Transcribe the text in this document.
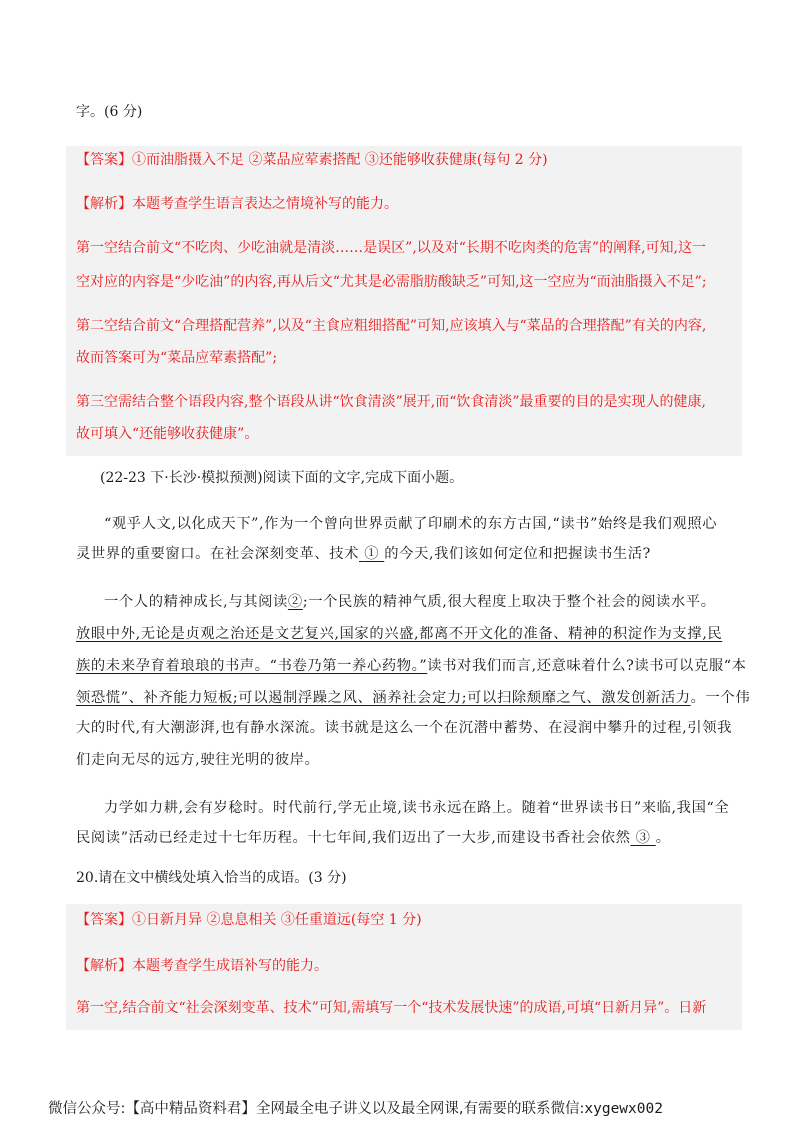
字。(6 分)
【答案】①而油脂摄入不足 ②菜品应荤素搭配 ③还能够收获健康(每句 2 分)
【解析】本题考查学生语言表达之情境补写的能力。
第一空结合前文“不吃肉、少吃油就是清淡……是误区”,以及对“长期不吃肉类的危害”的阐释,可知,这一
空对应的内容是“少吃油”的内容,再从后文“尤其是必需脂肪酸缺乏”可知,这一空应为“而油脂摄入不足”;
第二空结合前文“合理搭配营养”,以及“主食应粗细搭配”可知,应该填入与“菜品的合理搭配”有关的内容,
故而答案可为“菜品应荤素搭配”;
第三空需结合整个语段内容,整个语段从讲“饮食清淡”展开,而“饮食清淡”最重要的目的是实现人的健康,
故可填入“还能够收获健康”。
(22-23 下·长沙·模拟预测)阅读下面的文字,完成下面小题。
“观乎人文,以化成天下”,作为一个曾向世界贡献了印刷术的东方古国,“读书”始终是我们观照心
灵世界的重要窗口。在社会深刻变革、技术 ① 的今天,我们该如何定位和把握读书生活?
一个人的精神成长,与其阅读②;一个民族的精神气质,很大程度上取决于整个社会的阅读水平。
放眼中外,无论是贞观之治还是文艺复兴,国家的兴盛,都离不开文化的准备、精神的积淀作为支撑,民
族的未来孕育着琅琅的书声。“书卷乃第一养心药物。”读书对我们而言,还意味着什么?读书可以克服“本
领恐慌”、补齐能力短板;可以遏制浮躁之风、涵养社会定力;可以扫除颓靡之气、激发创新活力。一个伟
大的时代,有大潮澎湃,也有静水深流。读书就是这么一个在沉潜中蓄势、在浸润中攀升的过程,引领我
们走向无尽的远方,驶往光明的彼岸。
力学如力耕,会有岁稔时。时代前行,学无止境,读书永远在路上。随着“世界读书日”来临,我国“全
民阅读”活动已经走过十七年历程。十七年间,我们迈出了一大步,而建设书香社会依然 ③ 。
20.请在文中横线处填入恰当的成语。(3 分)
【答案】①日新月异 ②息息相关 ③任重道远(每空 1 分)
【解析】本题考查学生成语补写的能力。
第一空,结合前文“社会深刻变革、技术”可知,需填写一个“技术发展快速”的成语,可填“日新月异”。日新
微信公众号:【高中精品资料君】全网最全电子讲义以及最全网课,有需要的联系微信:xygewx002
